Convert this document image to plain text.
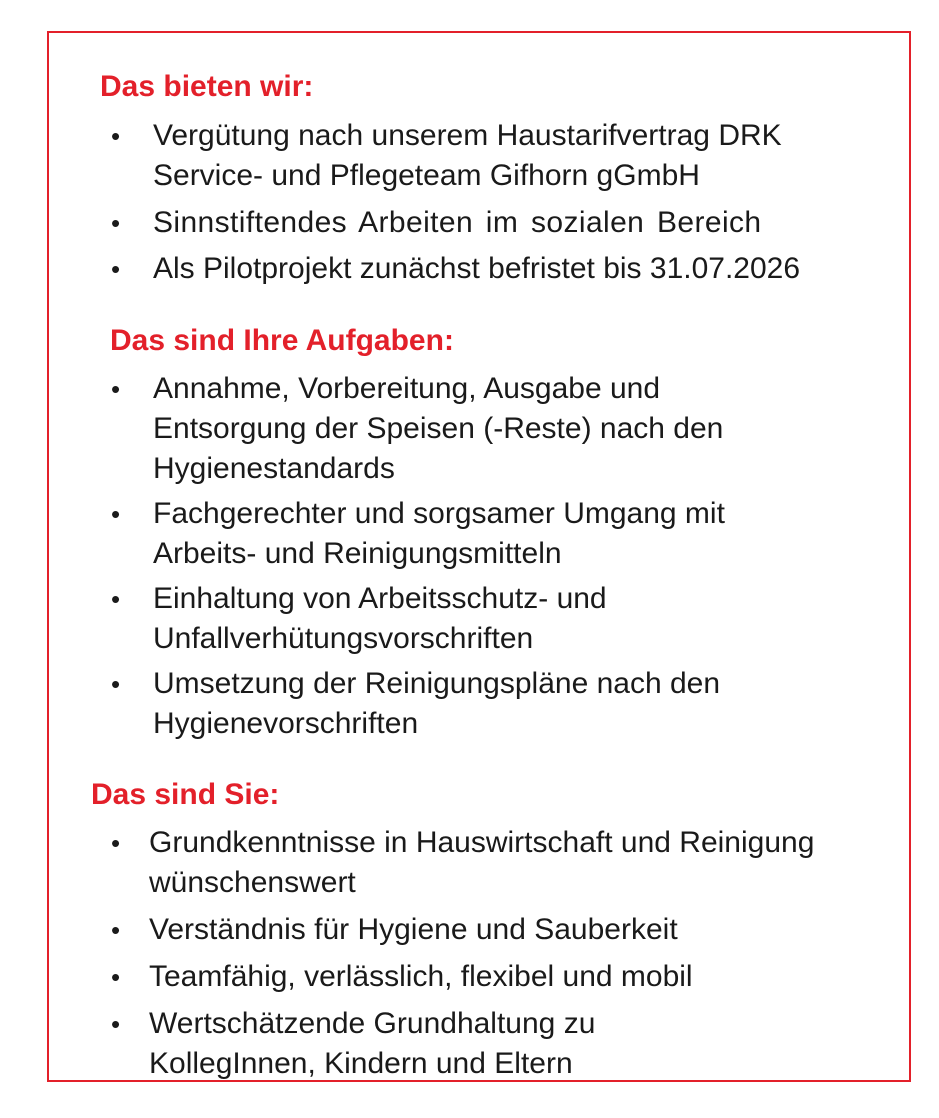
Das bieten wir:
• Vergütung nach unserem Haustarifvertrag DRK
Service- und Pflegeteam Gifhorn gGmbH
• Sinnstiftendes Arbeiten im sozialen Bereich
• Als Pilotprojekt zunächst befristet bis 31.07.2026
Das sind Ihre Aufgaben:
• Annahme, Vorbereitung, Ausgabe und
Entsorgung der Speisen (-Reste) nach den
Hygienestandards
• Fachgerechter und sorgsamer Umgang mit
Arbeits- und Reinigungsmitteln
• Einhaltung von Arbeitsschutz- und
Unfallverhütungsvorschriften
• Umsetzung der Reinigungspläne nach den
Hygienevorschriften
Das sind Sie:
• Grundkenntnisse in Hauswirtschaft und Reinigung
wünschenswert
• Verständnis für Hygiene und Sauberkeit
• Teamfähig, verlässlich, flexibel und mobil
• Wertschätzende Grundhaltung zu
KollegInnen, Kindern und Eltern
